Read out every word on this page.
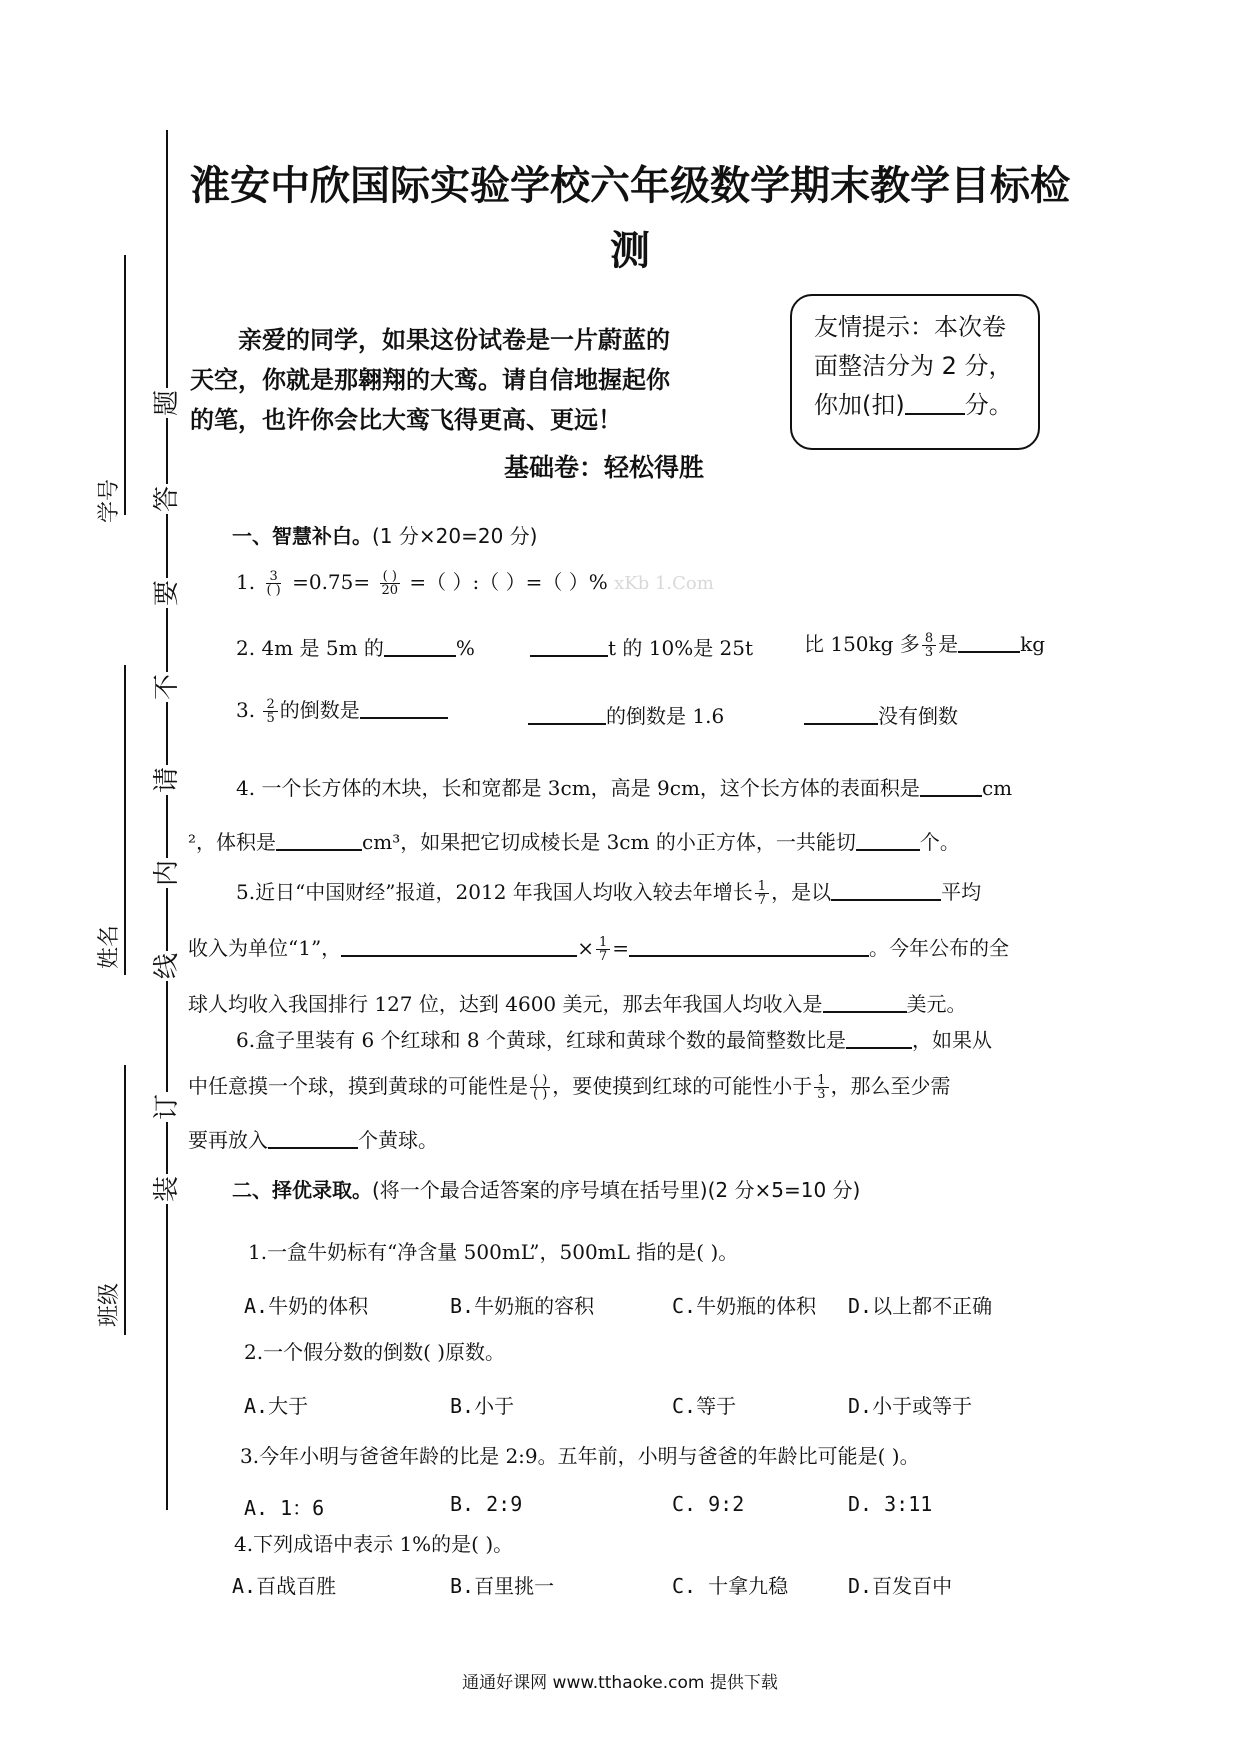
学号
姓名
班级
题
答
要
不
请
内
线
订
装
淮安中欣国际实验学校六年级数学期末教学目标检
测
亲爱的同学，如果这份试卷是一片蔚蓝的
天空，你就是那翱翔的大鸾。请自信地握起你
的笔，也许你会比大鸾飞得更高、更远！
友情提示：本次卷
面整洁分为 2 分，
你加(扣)	分。
基础卷：轻松得胜
一、智慧补白。(1 分×20=20 分)
1. $\frac{3}{( )} =0.75= \frac{( )}{20}$ =（ ）:（ ）=（ ）% xKb 1.Com
2. 4m 是 5m 的	%	t 的 10%是 25t	比 150kg 多 $\frac{8}{3}$ 是	kg
3. $\frac{2}{5}$ 的倒数是	的倒数是 1.6	没有倒数
4. 一个长方体的木块，长和宽都是 3cm，高是 9cm，这个长方体的表面积是	cm
²，体积是	cm³，如果把它切成棱长是 3cm 的小正方体，一共能切	个。
5.近日“中国财经”报道，2012 年我国人均收入较去年增长 $\frac{1}{7}$ ，是以	平均
收入为单位“1”，	× $\frac{1}{7}$ =	。今年公布的全
球人均收入我国排行 127 位，达到 4600 美元，那去年我国人均收入是	美元。
6.盒子里装有 6 个红球和 8 个黄球，红球和黄球个数的最简整数比是	，如果从
中任意摸一个球，摸到黄球的可能性是 $\frac{( )}{( )}$ ，要使摸到红球的可能性小于 $\frac{1}{3}$ ，那么至少需
要再放入	个黄球。
二、择优录取。(将一个最合适答案的序号填在括号里)(2 分×5=10 分)
1.一盒牛奶标有“净含量 500mL”，500mL 指的是( )。
A.牛奶的体积	B.牛奶瓶的容积	C.牛奶瓶的体积 D.以上都不正确
2.一个假分数的倒数( )原数。
A.大于	B.小于	C.等于	D.小于或等于
3.今年小明与爸爸年龄的比是 2:9。五年前，小明与爸爸的年龄比可能是( )。
A. 1：6	B. 2:9	C. 9:2	D. 3:11
4.下列成语中表示 1%的是( )。
A.百战百胜	B.百里挑一	C. 十拿九稳	D.百发百中
通通好课网 www.tthaoke.com 提供下载
